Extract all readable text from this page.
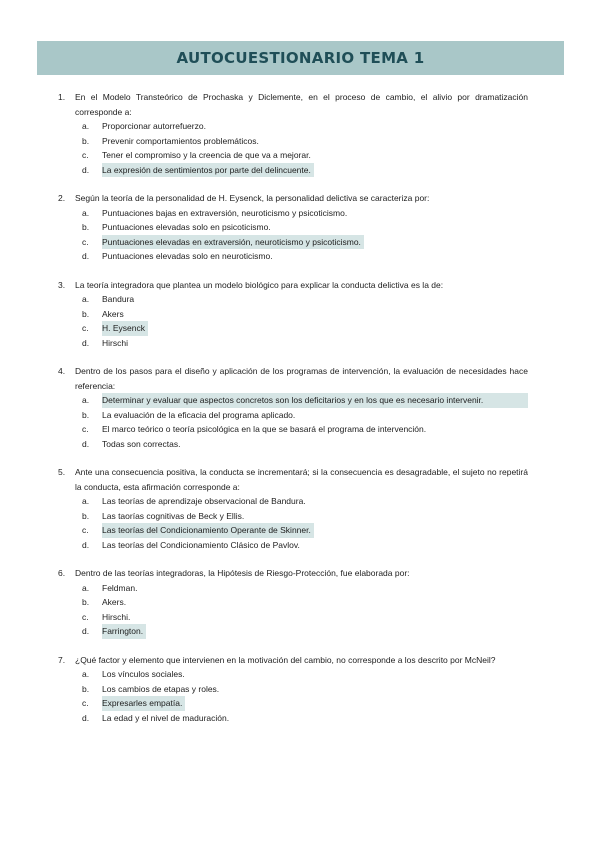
AUTOCUESTIONARIO TEMA 1
1.	En el Modelo Transteórico de Prochaska y Diclemente, en el proceso de cambio, el alivio por dramatización corresponde a:
a.	Proporcionar autorrefuerzo.
b.	Prevenir comportamientos problemáticos.
c.	Tener el compromiso y la creencia de que va a mejorar.
d.	La expresión de sentimientos por parte del delincuente.
2.	Según la teoría de la personalidad de H. Eysenck, la personalidad delictiva se caracteriza por:
a.	Puntuaciones bajas en extraversión, neuroticismo y psicoticismo.
b.	Puntuaciones elevadas solo en psicoticismo.
c.	Puntuaciones elevadas en extraversión, neuroticismo y psicoticismo.
d.	Puntuaciones elevadas solo en neuroticismo.
3.	La teoría integradora que plantea un modelo biológico para explicar la conducta delictiva es la de:
a.	Bandura
b.	Akers
c.	H. Eysenck
d.	Hirschi
4.	Dentro de los pasos para el diseño y aplicación de los programas de intervención, la evaluación de necesidades hace referencia:
a.	Determinar y evaluar que aspectos concretos son los deficitarios y en los que es necesario intervenir.
b.	La evaluación de la eficacia del programa aplicado.
c.	El marco teórico o teoría psicológica en la que se basará el programa de intervención.
d.	Todas son correctas.
5.	Ante una consecuencia positiva, la conducta se incrementará; si la consecuencia es desagradable, el sujeto no repetirá la conducta, esta afirmación corresponde a:
a.	Las teorías de aprendizaje observacional de Bandura.
b.	Las taorías cognitivas de Beck y Ellis.
c.	Las teorías del Condicionamiento Operante de Skinner.
d.	Las teorías del Condicionamiento Clásico de Pavlov.
6.	Dentro de las teorías integradoras, la Hipótesis de Riesgo-Protección, fue elaborada por:
a.	Feldman.
b.	Akers.
c.	Hirschi.
d.	Farrington.
7.	¿Qué factor y elemento que intervienen en la motivación del cambio, no corresponde a los descrito por McNeil?
a.	Los vínculos sociales.
b.	Los cambios de etapas y roles.
c.	Expresarles empatía.
d.	La edad y el nivel de maduración.
